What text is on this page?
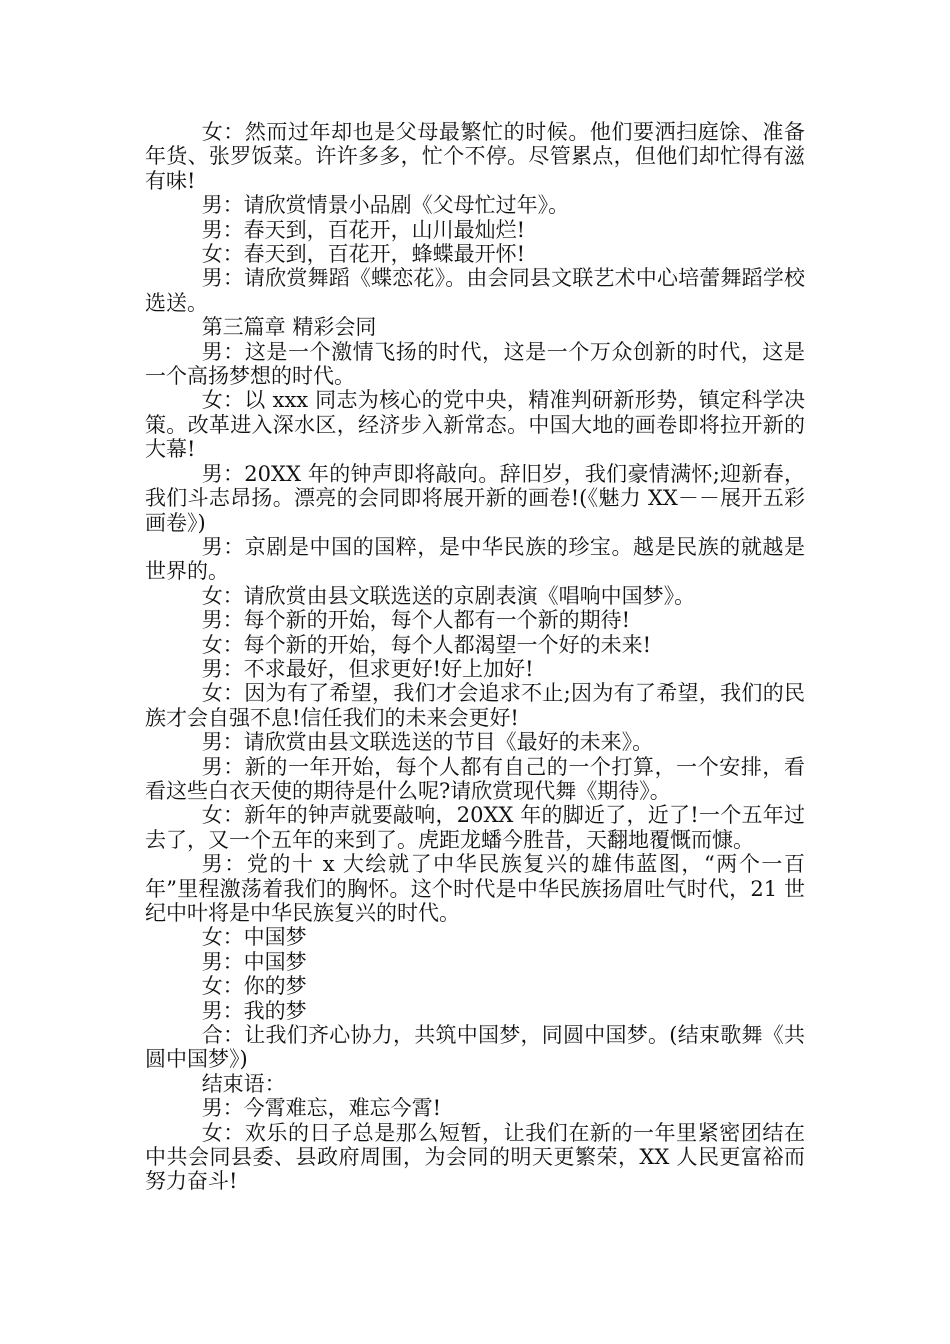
女：然而过年却也是父母最繁忙的时候。他们要洒扫庭馀、准备年货、张罗饭菜。许许多多，忙个不停。尽管累点，但他们却忙得有滋有味!

男：请欣赏情景小品剧《父母忙过年》。

男：春天到，百花开，山川最灿烂!

女：春天到，百花开，蜂蝶最开怀!

男：请欣赏舞蹈《蝶恋花》。由会同县文联艺术中心培蕾舞蹈学校选送。

第三篇章 精彩会同

男：这是一个激情飞扬的时代，这是一个万众创新的时代，这是一个高扬梦想的时代。

女：以 xxx 同志为核心的党中央，精准判研新形势，镇定科学决策。改革进入深水区，经济步入新常态。中国大地的画卷即将拉开新的大幕!

男：20XX 年的钟声即将敲向。辞旧岁，我们豪情满怀;迎新春，我们斗志昂扬。漂亮的会同即将展开新的画卷!(《魅力 XX－－展开五彩画卷》)

男：京剧是中国的国粹，是中华民族的珍宝。越是民族的就越是世界的。

女：请欣赏由县文联选送的京剧表演《唱响中国梦》。

男：每个新的开始，每个人都有一个新的期待!

女：每个新的开始，每个人都渴望一个好的未来!

男：不求最好，但求更好!好上加好!

女：因为有了希望，我们才会追求不止;因为有了希望，我们的民族才会自强不息!信任我们的未来会更好!

男：请欣赏由县文联选送的节目《最好的未来》。

男：新的一年开始，每个人都有自己的一个打算，一个安排，看看这些白衣天使的期待是什么呢?请欣赏现代舞《期待》。

女：新年的钟声就要敲响，20XX 年的脚近了，近了!一个五年过去了，又一个五年的来到了。虎距龙蟠今胜昔，天翻地覆慨而慷。

男：党的十 x 大绘就了中华民族复兴的雄伟蓝图，“两个一百年”里程激荡着我们的胸怀。这个时代是中华民族扬眉吐气时代，21 世纪中叶将是中华民族复兴的时代。

女：中国梦

男：中国梦

女：你的梦

男：我的梦

合：让我们齐心协力，共筑中国梦，同圆中国梦。(结束歌舞《共圆中国梦》)

结束语：

男：今霄难忘，难忘今霄!

女：欢乐的日子总是那么短暂，让我们在新的一年里紧密团结在中共会同县委、县政府周围，为会同的明天更繁荣，XX 人民更富裕而努力奋斗!
